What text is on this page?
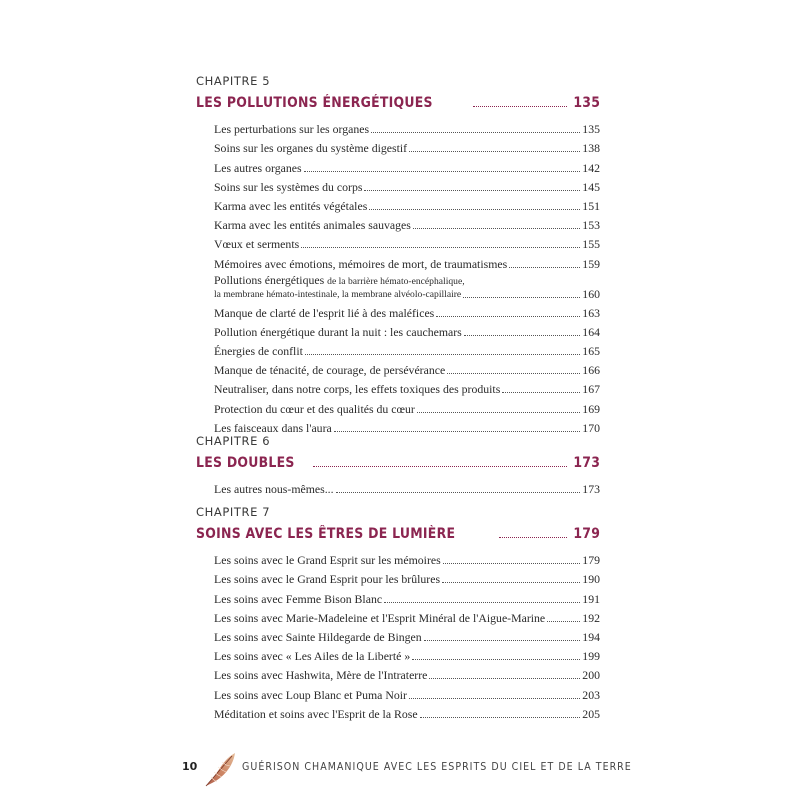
CHAPITRE 5
LES POLLUTIONS ÉNERGÉTIQUES	135
Les perturbations sur les organes	135
Soins sur les organes du système digestif	138
Les autres organes	142
Soins sur les systèmes du corps	145
Karma avec les entités végétales	151
Karma avec les entités animales sauvages	153
Vœux et serments	155
Mémoires avec émotions, mémoires de mort, de traumatismes	159
Pollutions énergétiques de la barrière hémato-encéphalique,
la membrane hémato-intestinale, la membrane alvéolo-capillaire	160
Manque de clarté de l'esprit lié à des maléfices	163
Pollution énergétique durant la nuit : les cauchemars	164
Énergies de conflit	165
Manque de ténacité, de courage, de persévérance	166
Neutraliser, dans notre corps, les effets toxiques des produits	167
Protection du cœur et des qualités du cœur	169
Les faisceaux dans l'aura	170
CHAPITRE 6
LES DOUBLES	173
Les autres nous-mêmes...	173
CHAPITRE 7
SOINS AVEC LES ÊTRES DE LUMIÈRE	179
Les soins avec le Grand Esprit sur les mémoires	179
Les soins avec le Grand Esprit pour les brûlures	190
Les soins avec Femme Bison Blanc	191
Les soins avec Marie-Madeleine et l'Esprit Minéral de l'Aigue-Marine	192
Les soins avec Sainte Hildegarde de Bingen	194
Les soins avec « Les Ailes de la Liberté »	199
Les soins avec Hashwita, Mère de l'Intraterre	200
Les soins avec Loup Blanc et Puma Noir	203
Méditation et soins avec l'Esprit de la Rose	205
10	GUÉRISON CHAMANIQUE AVEC LES ESPRITS DU CIEL ET DE LA TERRE
